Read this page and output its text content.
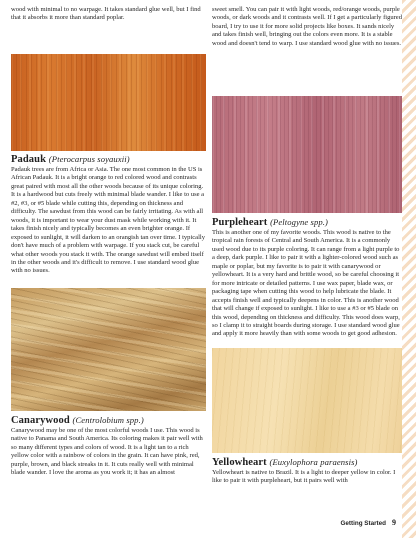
wood with minimal to no warpage. It takes standard glue well, but I find that it absorbs it more than standard poplar.

Padauk (Pterocarpus soyauxii)

Padauk trees are from Africa or Asia. The one most common in the US is African Padauk. It is a bright orange to red colored wood and contrasts great paired with most all the other woods because of its unique coloring. It is a hardwood but cuts freely with minimal blade wander. I like to use a #2, #3, or #5 blade while cutting this, depending on thickness and difficulty. The sawdust from this wood can be fairly irritating. As with all woods, it is important to wear your dust mask while working with it. It takes finish nicely and typically becomes an even brighter orange. If exposed to sunlight, it will darken to an orangish tan over time. I typically don't have much of a problem with warpage. If you stack cut, be careful what other woods you stack it with. The orange sawdust will embed itself in the other woods and it's difficult to remove. I use standard wood glue with no issues.

Canarywood (Centrolobium spp.)

Canarywood may be one of the most colorful woods I use. This wood is native to Panama and South America. Its coloring makes it pair well with so many different types and colors of wood. It is a light tan to a rich yellow color with a rainbow of colors in the grain. It can have pink, red, purple, brown, and black streaks in it. It cuts really well with minimal blade wander. I love the aroma as you work it; it has an almost

sweet smell. You can pair it with light woods, red/orange woods, purple woods, or dark woods and it contrasts well. If I get a particularly figured board, I try to use it for more solid projects like boxes. It sands nicely and takes finish well, bringing out the colors even more. It is a stable wood and doesn't tend to warp. I use standard wood glue with no issues.

Purpleheart (Peltogyne spp.)

This is another one of my favorite woods. This wood is native to the tropical rain forests of Central and South America. It is a commonly used wood due to its purple coloring. It can range from a light purple to a deep, dark purple. I like to pair it with a lighter-colored wood such as maple or poplar, but my favorite is to pair it with canarywood or yellowheart. It is a very hard and brittle wood, so be careful choosing it for more intricate or detailed patterns. I use wax paper, blade wax, or packaging tape when cutting this wood to help lubricate the blade. It accepts finish well and typically deepens in color. This is another wood that will change if exposed to sunlight. I like to use a #3 or #5 blade on this wood, depending on thickness and difficulty. This wood does warp, so I clamp it to straight boards during storage. I use standard wood glue and apply it more heavily than with some woods to get good adhesion.

Yellowheart (Euxylophora paraensis)

Yellowheart is native to Brazil. It is a light to deeper yellow in color. I like to pair it with purpleheart, but it pairs well with

Getting Started 9
